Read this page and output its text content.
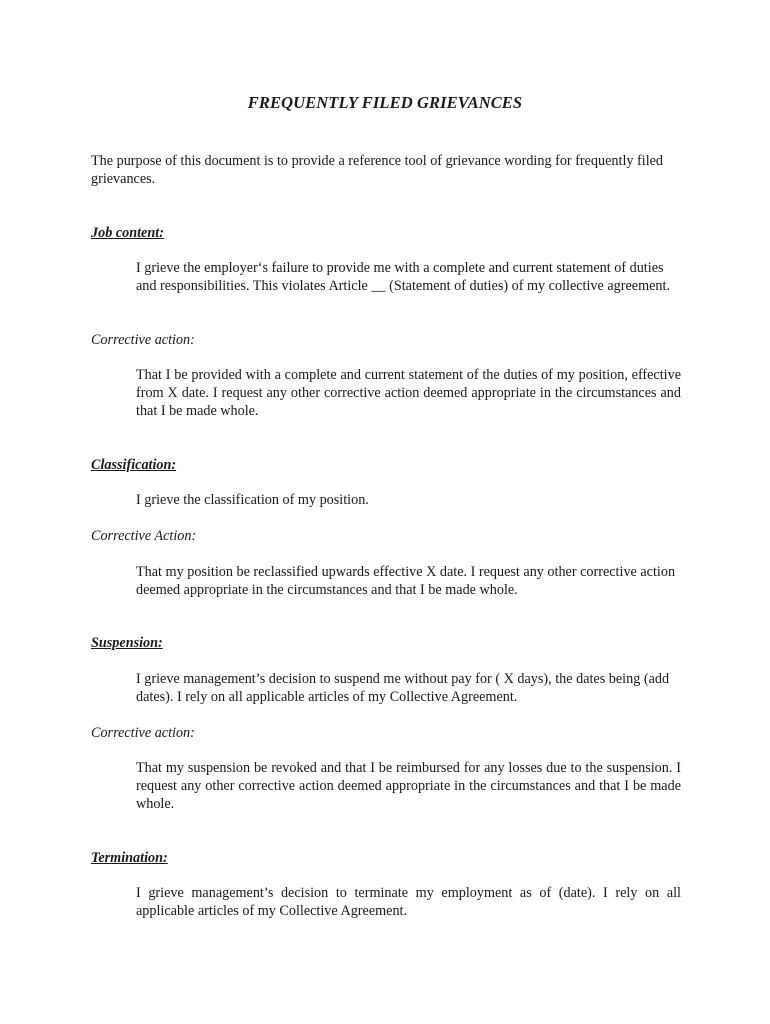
FREQUENTLY FILED GRIEVANCES
The purpose of this document is to provide a reference tool of grievance wording for frequently filed grievances.
Job content:
I grieve the employer‘s failure to provide me with a complete and current statement of duties and responsibilities. This violates Article __ (Statement of duties) of my collective agreement.
Corrective action:
That I be provided with a complete and current statement of the duties of my position, effective from X date. I request any other corrective action deemed appropriate in the circumstances and that I be made whole.
Classification:
I grieve the classification of my position.
Corrective Action:
That my position be reclassified upwards effective X date. I request any other corrective action deemed appropriate in the circumstances and that I be made whole.
Suspension:
I grieve management’s decision to suspend me without pay for ( X days), the dates being (add dates). I rely on all applicable articles of my Collective Agreement.
Corrective action:
That my suspension be revoked and that I be reimbursed for any losses due to the suspension. I request any other corrective action deemed appropriate in the circumstances and that I be made whole.
Termination:
I grieve management’s decision to terminate my employment as of (date). I rely on all applicable articles of my Collective Agreement.
